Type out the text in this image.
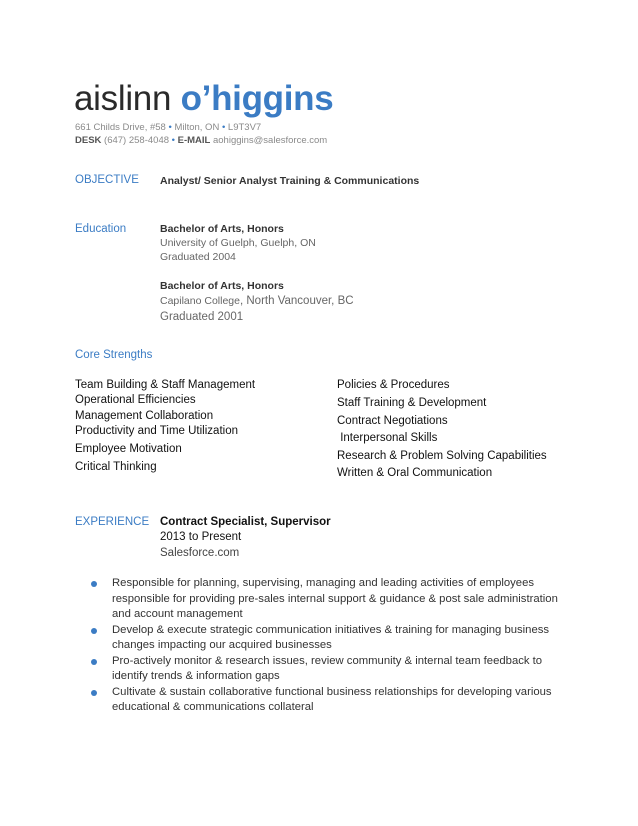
aislinn o’higgins
661 Childs Drive, #58 • Milton, ON • L9T3V7
DESK (647) 258-4048 • E-MAIL aohiggins@salesforce.com
OBJECTIVE Analyst/ Senior Analyst Training & Communications
Education	Bachelor of Arts, Honors
University of Guelph, Guelph, ON
Graduated 2004
Bachelor of Arts, Honors
Capilano College, North Vancouver, BC
Graduated 2001
Core Strengths
Team Building & Staff Management
Operational Efficiencies
Management Collaboration
Productivity and Time Utilization
Employee Motivation
Critical Thinking
Policies & Procedures
Staff Training & Development
Contract Negotiations
Interpersonal Skills
Research & Problem Solving Capabilities
Written & Oral Communication
EXPERIENCE Contract Specialist, Supervisor
2013 to Present
Salesforce.com
Responsible for planning, supervising, managing and leading activities of employees responsible for providing pre-sales internal support & guidance & post sale administration and account management
Develop & execute strategic communication initiatives & training for managing business changes impacting our acquired businesses
Pro-actively monitor & research issues, review community & internal team feedback to identify trends & information gaps
Cultivate & sustain collaborative functional business relationships for developing various educational & communications collateral
